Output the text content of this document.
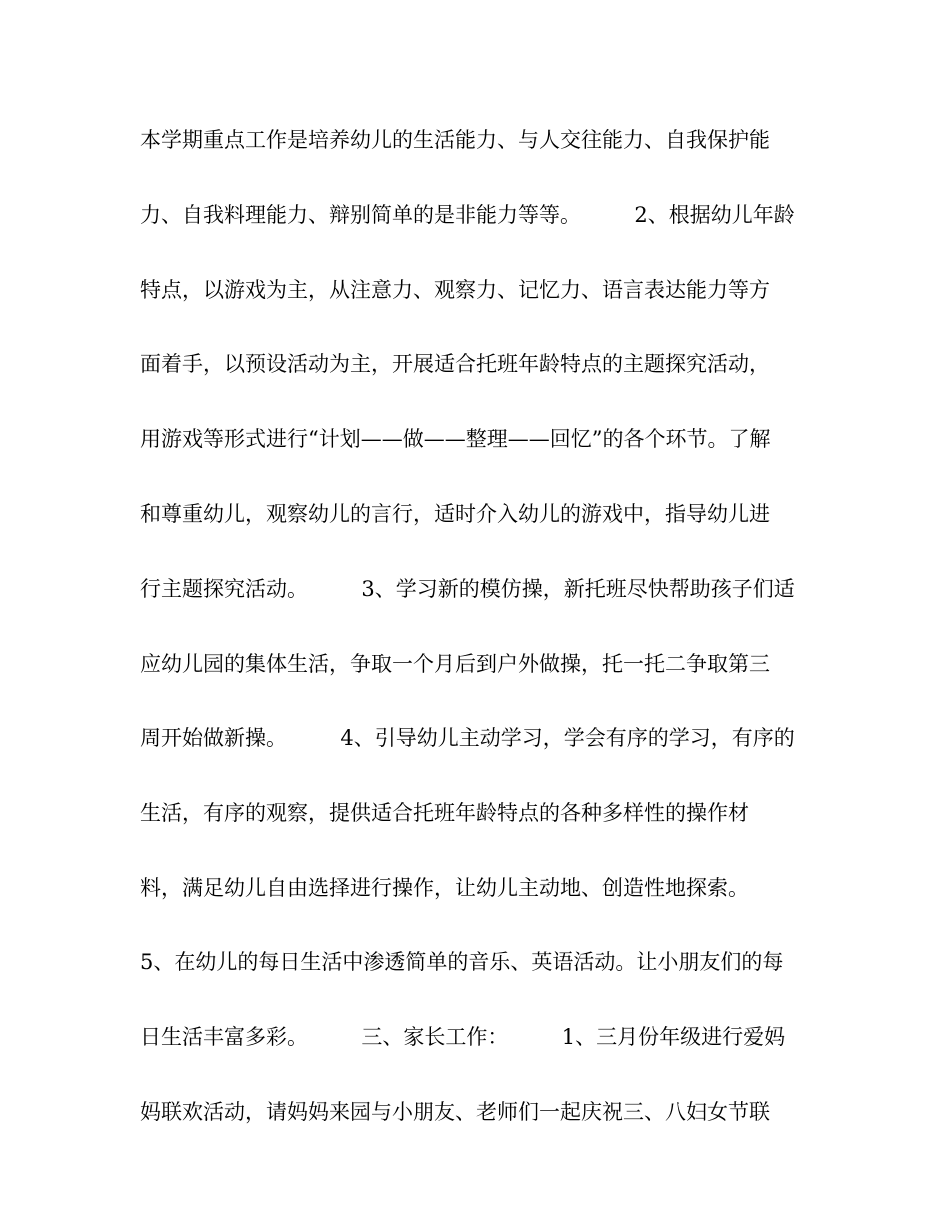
本学期重点工作是培养幼儿的生活能力、与人交往能力、自我保护能

力、自我料理能力、辩别简单的是非能力等等。        2、根据幼儿年龄

特点，以游戏为主，从注意力、观察力、记忆力、语言表达能力等方

面着手，以预设活动为主，开展适合托班年龄特点的主题探究活动，

用游戏等形式进行“计划——做——整理——回忆”的各个环节。了解

和尊重幼儿，观察幼儿的言行，适时介入幼儿的游戏中，指导幼儿进

行主题探究活动。        3、学习新的模仿操，新托班尽快帮助孩子们适

应幼儿园的集体生活，争取一个月后到户外做操，托一托二争取第三

周开始做新操。        4、引导幼儿主动学习，学会有序的学习，有序的

生活，有序的观察，提供适合托班年龄特点的各种多样性的操作材

料，满足幼儿自由选择进行操作，让幼儿主动地、创造性地探索。

5、在幼儿的每日生活中渗透简单的音乐、英语活动。让小朋友们的每

日生活丰富多彩。        三、家长工作：        1、三月份年级进行爱妈

妈联欢活动，请妈妈来园与小朋友、老师们一起庆祝三、八妇女节联
